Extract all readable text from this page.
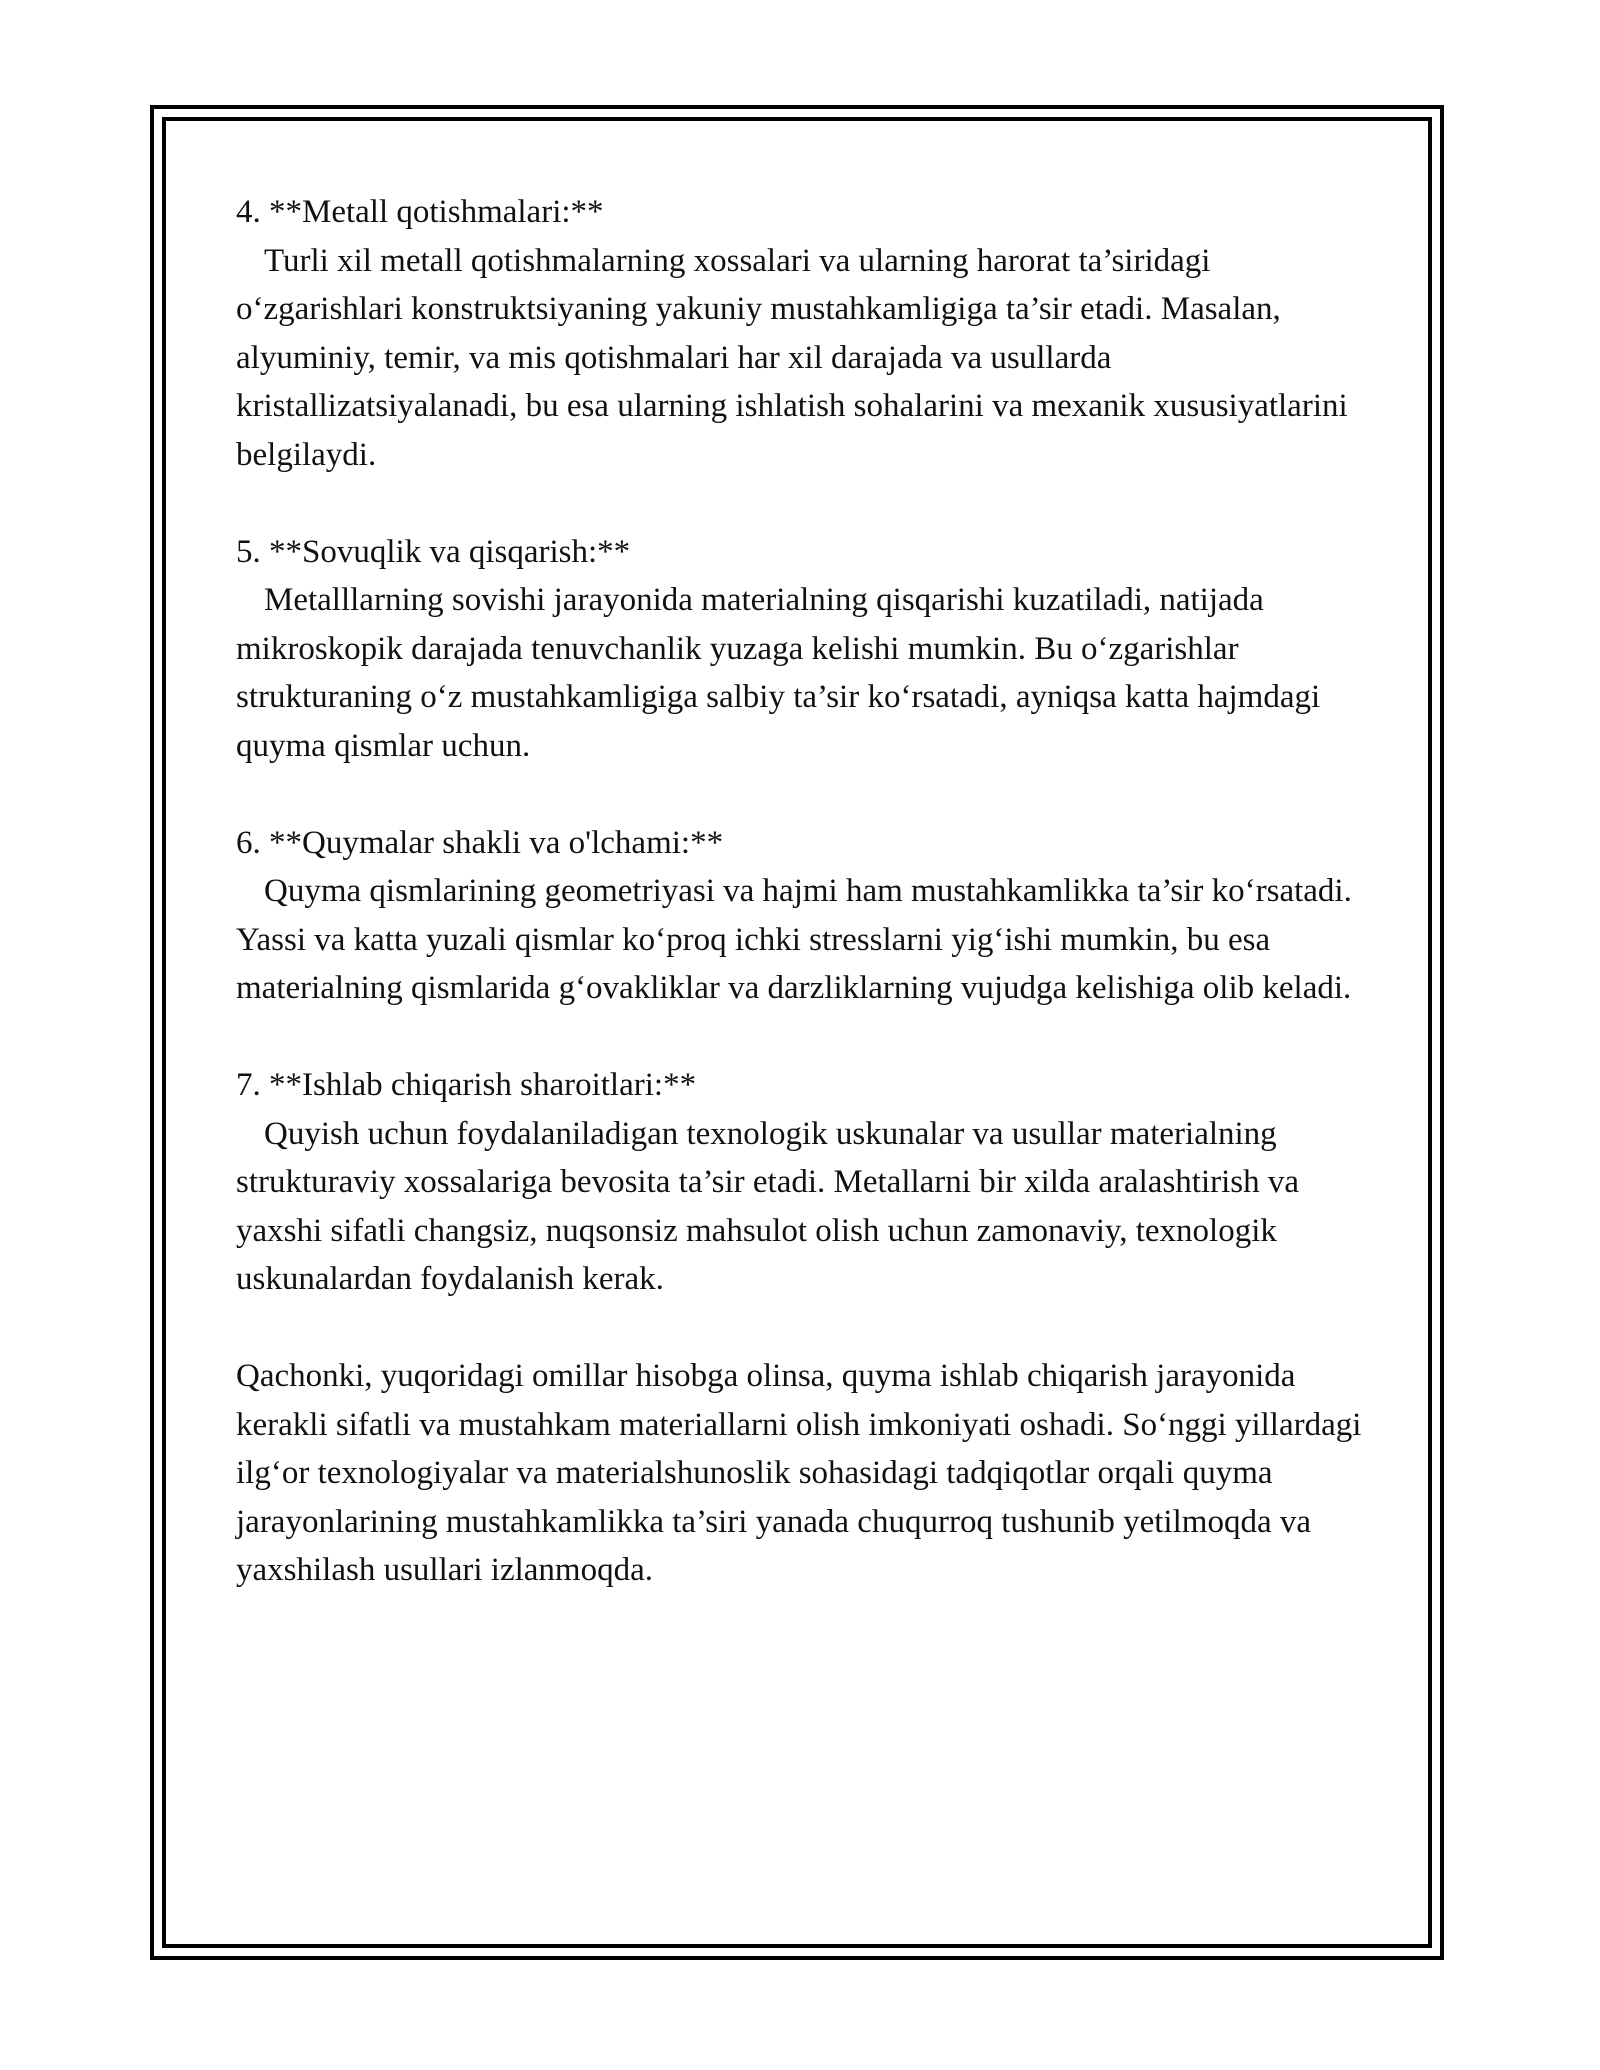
4. **Metall qotishmalari:**

Turli xil metall qotishmalarning xossalari va ularning harorat ta’siridagi o‘zgarishlari konstruktsiyaning yakuniy mustahkamligiga ta’sir etadi. Masalan, alyuminiy, temir, va mis qotishmalari har xil darajada va usullarda kristallizatsiyalanadi, bu esa ularning ishlatish sohalarini va mexanik xususiyatlarini belgilaydi.

5. **Sovuqlik va qisqarish:**

Metalllarning sovishi jarayonida materialning qisqarishi kuzatiladi, natijada mikroskopik darajada tenuvchanlik yuzaga kelishi mumkin. Bu o‘zgarishlar strukturaning o‘z mustahkamligiga salbiy ta’sir ko‘rsatadi, ayniqsa katta hajmdagi quyma qismlar uchun.

6. **Quymalar shakli va o'lchami:**

Quyma qismlarining geometriyasi va hajmi ham mustahkamlikka ta’sir ko‘rsatadi. Yassi va katta yuzali qismlar ko‘proq ichki stresslarni yig‘ishi mumkin, bu esa materialning qismlarida g‘ovakliklar va darzliklarning vujudga kelishiga olib keladi.

7. **Ishlab chiqarish sharoitlari:**

Quyish uchun foydalaniladigan texnologik uskunalar va usullar materialning strukturaviy xossalariga bevosita ta’sir etadi. Metallarni bir xilda aralashtirish va yaxshi sifatli changsiz, nuqsonsiz mahsulot olish uchun zamonaviy, texnologik uskunalardan foydalanish kerak.

Qachonki, yuqoridagi omillar hisobga olinsa, quyma ishlab chiqarish jarayonida kerakli sifatli va mustahkam materiallarni olish imkoniyati oshadi. So‘nggi yillardagi ilg‘or texnologiyalar va materialshunoslik sohasidagi tadqiqotlar orqali quyma jarayonlarining mustahkamlikka ta’siri yanada chuqurroq tushunib yetilmoqda va yaxshilash usullari izlanmoqda.
